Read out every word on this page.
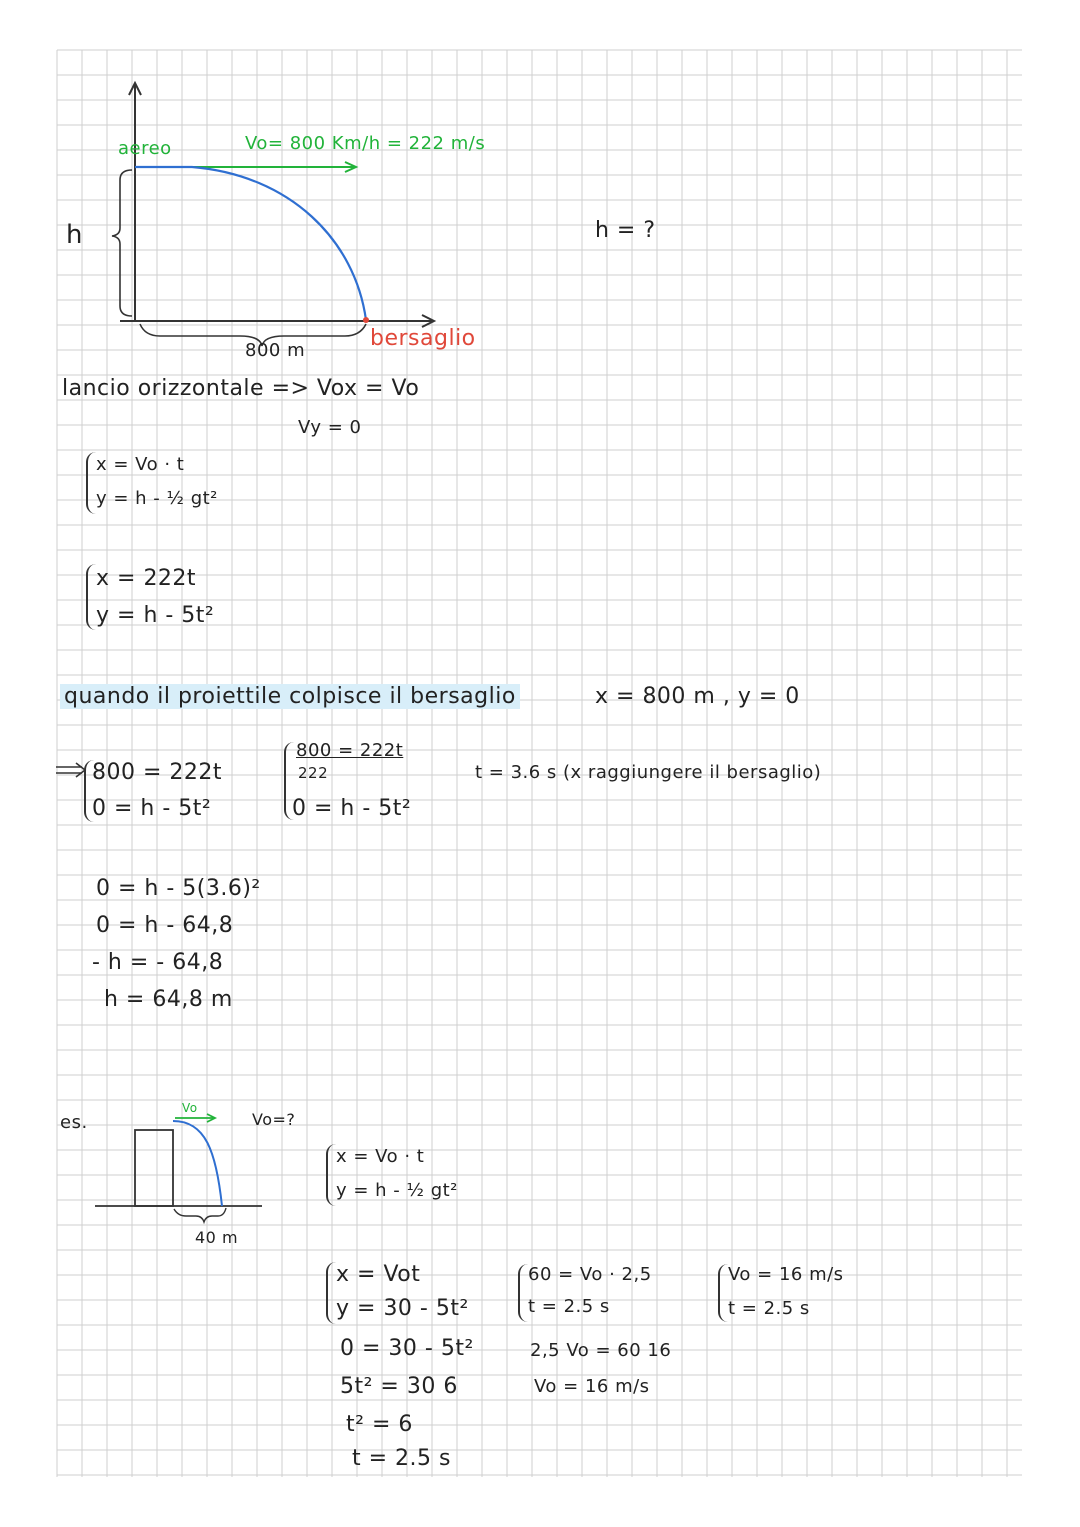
aereo	Vo= 800 Km/h = 222 m/s
h
800 m	bersaglio
h = ?
lancio orizzontale => Vox = Vo
Vy = 0
x = Vo · t
y = h - ½ gt²
x = 222t
y = h - 5t²
quando il proiettile colpisce il bersaglio	x = 800 m , y = 0
800 = 222t
0 = h - 5t²
800 = 222t
222
0 = h - 5t²
t = 3.6 s (x raggiungere il bersaglio)
0 = h - 5(3.6)²
0 = h - 64,8
- h = - 64,8
h = 64,8 m
es.
Vo
Vo=?
40 m
x = Vo · t
y = h - ½ gt²
x = Vot
y = 30 - 5t²
0 = 30 - 5t²
5t² = 30 6
t² = 6
t = 2.5 s
60 = Vo · 2,5
t = 2.5 s
2,5 Vo = 60 16
Vo = 16 m/s
Vo = 16 m/s
t = 2.5 s
